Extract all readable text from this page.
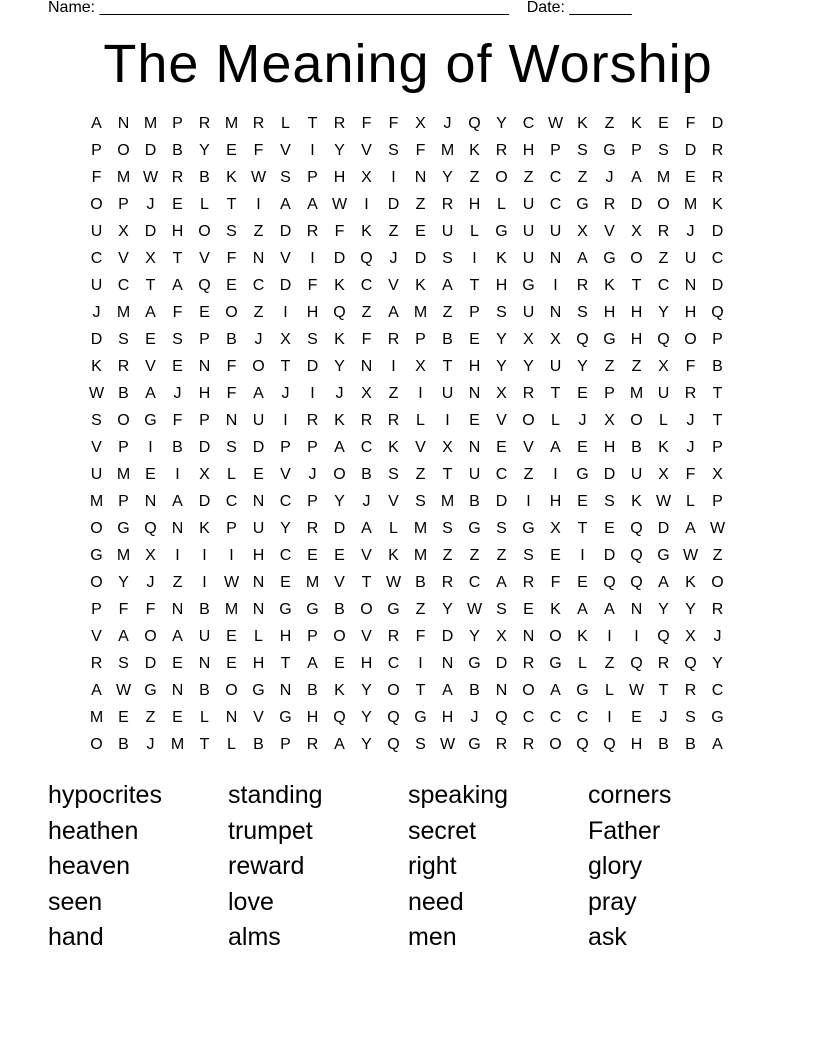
Name: ______________________________________________ Date: _______
The Meaning of Worship
A N M P R M R	L	T	R	F	F	X	J	Q Y C W K	Z	K	E	F	D
P O D B	Y	E	F	V	I	Y	V	S	F M K R H P	S G P	S D R
F M W R B	K W S	P H X	I	N Y	Z O Z	C	Z	J	A M E R
O P	J	E	L	T	I	A	A W	I	D	Z	R H	L	U C G R D O M K
U X D H O S	Z	D R	F	K	Z	E U	L	G U U X	V	X R	J	D
C V	X	T	V	F	N V	I	D Q	J	D S	I	K U N A G O Z	U C
U C	T	A Q E C D	F	K C V	K	A	T	H G	I	R K	T	C N D
J	M A	F	E O Z	I	H Q Z	A M Z	P	S U N S H H Y H Q
D S	E	S	P	B	J	X	S	K	F	R P	B	E	Y	X	X Q G H Q O P
K R V	E N	F O T	D Y N	I	X	T	H Y	Y U Y	Z	Z	X	F	B
W B	A	J	H	F	A	J	I	J	X	Z	I	U N X R	T	E	P M U R	T
S O G F	P N U	I	R K R R	L	I	E	V O	L	J	X O	L	J	T
V	P	I	B D S D P	P	A C K	V	X N E	V	A	E H B	K	J	P
U M E	I	X	L	E	V	J	O B	S	Z	T	U C	Z	I	G D U X	F	X
M P N A D C N C P	Y	J	V	S M B D	I	H E	S	K W L	P
O G Q N K	P U Y R D A	L M S G S G X	T	E Q D A W
G M X	I	I	I	H C E	E	V	K M Z	Z	Z	S	E	I	D Q G W Z
O Y	J	Z	I	W N E M V	T W B R C A R	F	E Q Q A	K O
P	F	F	N B M N G G B O G Z	Y W S	E	K	A	A N Y	Y R
V	A O A U E	L	H P O V R	F	D Y	X N O K	I	I	Q X	J
R S D E N E H	T	A	E H C	I	N G D R G	L	Z Q R Q Y
A W G N B O G N B	K	Y O T	A	B N O A G	L W T	R C
M E	Z	E	L	N V G H Q Y Q G H	J	Q C C C	I	E	J	S G
O B	J	M T	L	B	P R A	Y Q S W G R R O Q Q H B	B	A
hypocrites	standing	speaking	corners
heathen	trumpet	secret	Father
heaven	reward	right	glory
seen	love	need	pray
hand	alms	men	ask
